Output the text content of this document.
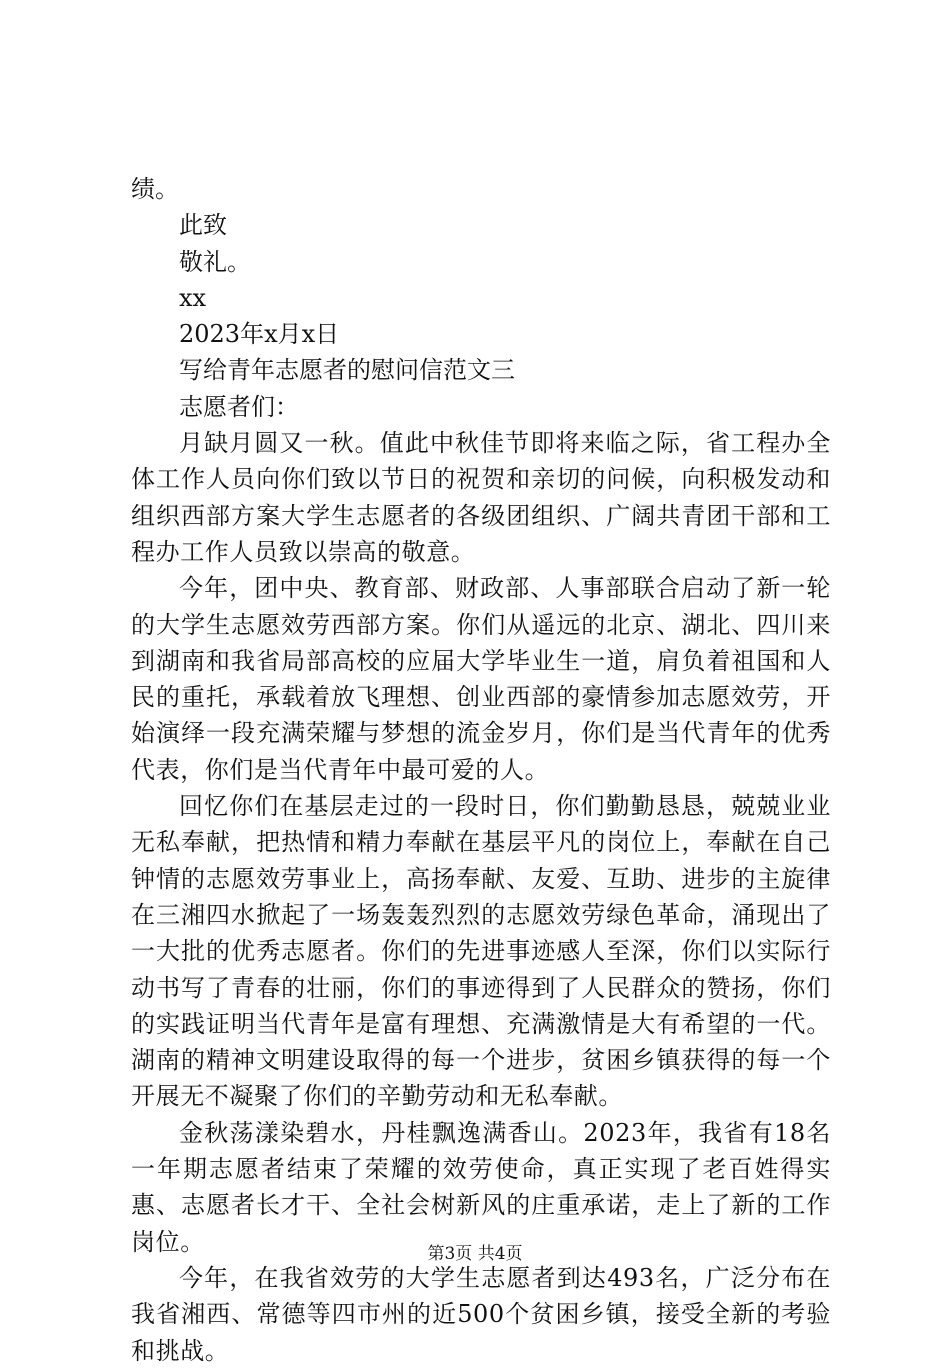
绩。

此致

敬礼。

xx

2023年x月x日

写给青年志愿者的慰问信范文三

志愿者们：

月缺月圆又一秋。值此中秋佳节即将来临之际，省工程办全体工作人员向你们致以节日的祝贺和亲切的问候，向积极发动和组织西部方案大学生志愿者的各级团组织、广阔共青团干部和工程办工作人员致以崇高的敬意。

今年，团中央、教育部、财政部、人事部联合启动了新一轮的大学生志愿效劳西部方案。你们从遥远的北京、湖北、四川来到湖南和我省局部高校的应届大学毕业生一道，肩负着祖国和人民的重托，承载着放飞理想、创业西部的豪情参加志愿效劳，开始演绎一段充满荣耀与梦想的流金岁月，你们是当代青年的优秀代表，你们是当代青年中最可爱的人。

回忆你们在基层走过的一段时日，你们勤勤恳恳，兢兢业业无私奉献，把热情和精力奉献在基层平凡的岗位上，奉献在自己钟情的志愿效劳事业上，高扬奉献、友爱、互助、进步的主旋律在三湘四水掀起了一场轰轰烈烈的志愿效劳绿色革命，涌现出了一大批的优秀志愿者。你们的先进事迹感人至深，你们以实际行动书写了青春的壮丽，你们的事迹得到了人民群众的赞扬，你们的实践证明当代青年是富有理想、充满激情是大有希望的一代。湖南的精神文明建设取得的每一个进步，贫困乡镇获得的每一个开展无不凝聚了你们的辛勤劳动和无私奉献。

金秋荡漾染碧水，丹桂飘逸满香山。2023年，我省有18名一年期志愿者结束了荣耀的效劳使命，真正实现了老百姓得实惠、志愿者长才干、全社会树新风的庄重承诺，走上了新的工作岗位。

今年，在我省效劳的大学生志愿者到达493名，广泛分布在我省湘西、常德等四市州的近500个贫困乡镇，接受全新的考验和挑战。

第3页 共4页
